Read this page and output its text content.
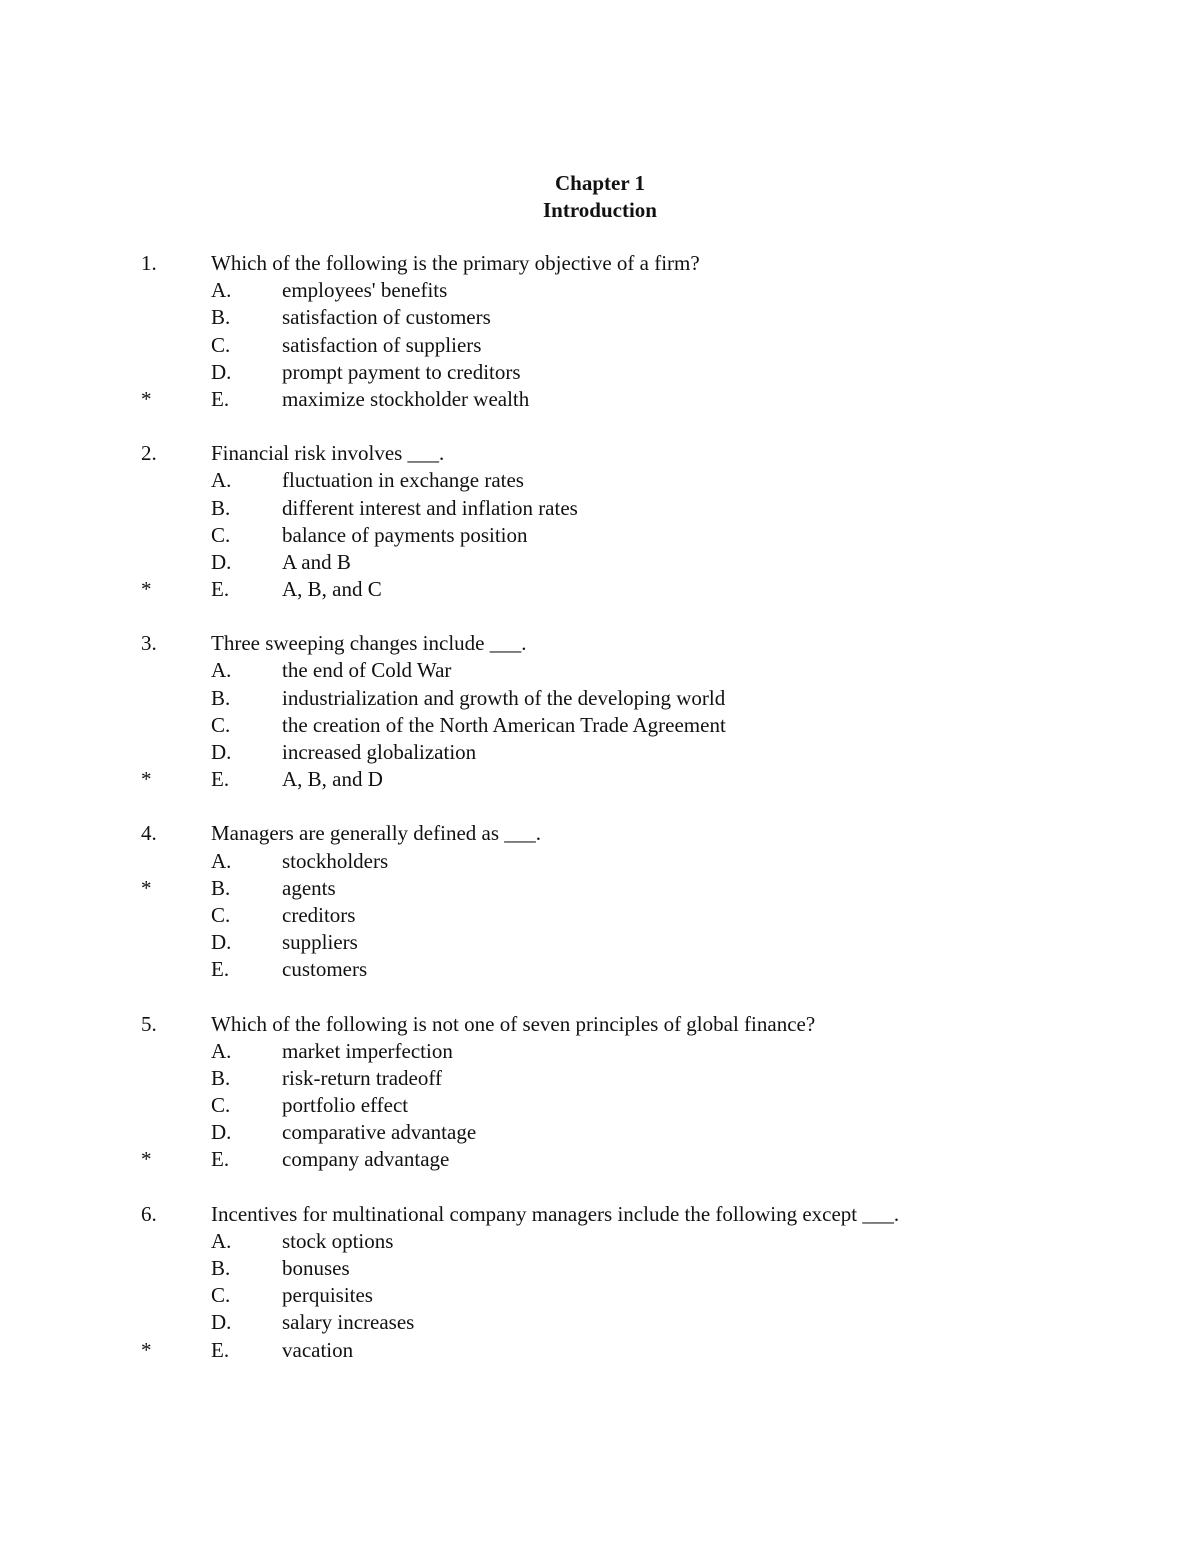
Chapter 1
Introduction
1.	Which of the following is the primary objective of a firm?
A. employees' benefits
B. satisfaction of customers
C. satisfaction of suppliers
D. prompt payment to creditors
*	E.	maximize stockholder wealth
2.	Financial risk involves ___.
A. fluctuation in exchange rates
B. different interest and inflation rates
C. balance of payments position
D. A and B
*	E.	A, B, and C
3.	Three sweeping changes include ___.
A. the end of Cold War
B. industrialization and growth of the developing world
C. the creation of the North American Trade Agreement
D. increased globalization
*	E.	A, B, and D
4.	Managers are generally defined as ___.
A. stockholders
*	B. agents
C. creditors
D. suppliers
E.	customers
5.	Which of the following is not one of seven principles of global finance?
A. market imperfection
B. risk-return tradeoff
C. portfolio effect
D. comparative advantage
*	E.	company advantage
6.	Incentives for multinational company managers include the following except ___.
A. stock options
B. bonuses
C. perquisites
D. salary increases
*	E.	vacation
